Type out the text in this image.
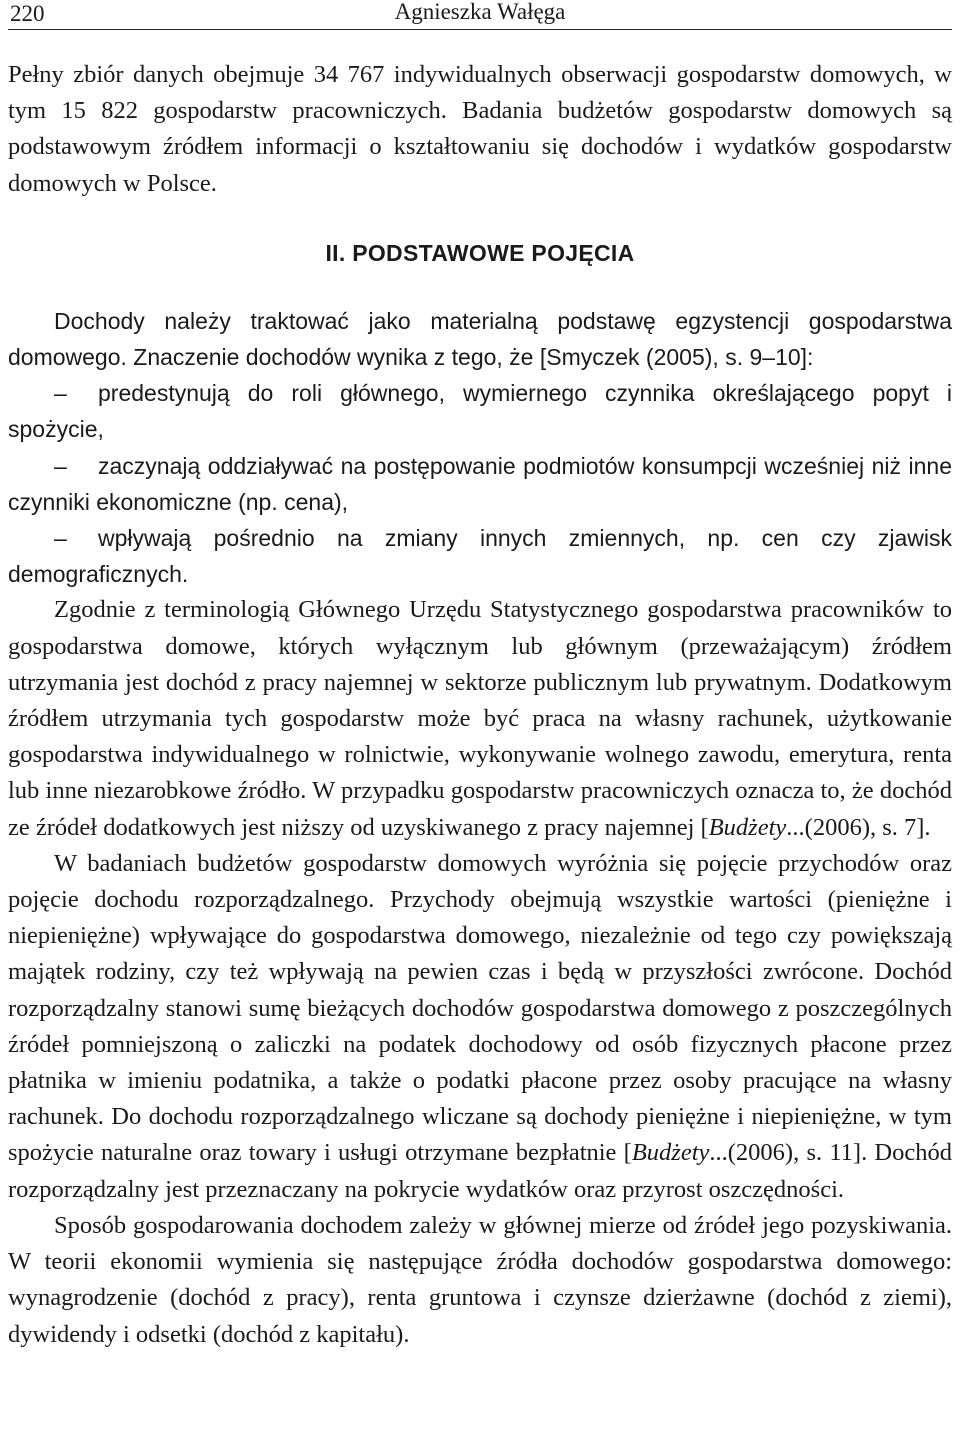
220	Agnieszka Wałęga

Pełny zbiór danych obejmuje 34 767 indywidualnych obserwacji gospodarstw domowych, w tym 15 822 gospodarstw pracowniczych. Badania budżetów gospodarstw domowych są podstawowym źródłem informacji o kształtowaniu się dochodów i wydatków gospodarstw domowych w Polsce.

II. PODSTAWOWE POJĘCIA

Dochody należy traktować jako materialną podstawę egzystencji gospodarstwa domowego. Znaczenie dochodów wynika z tego, że [Smyczek (2005), s. 9–10]:

– predestynują do roli głównego, wymiernego czynnika określającego popyt i spożycie,

– zaczynają oddziaływać na postępowanie podmiotów konsumpcji wcześniej niż inne czynniki ekonomiczne (np. cena),

– wpływają pośrednio na zmiany innych zmiennych, np. cen czy zjawisk demograficznych.

Zgodnie z terminologią Głównego Urzędu Statystycznego gospodarstwa pracowników to gospodarstwa domowe, których wyłącznym lub głównym (przeważającym) źródłem utrzymania jest dochód z pracy najemnej w sektorze publicznym lub prywatnym. Dodatkowym źródłem utrzymania tych gospodarstw może być praca na własny rachunek, użytkowanie gospodarstwa indywidualnego w rolnictwie, wykonywanie wolnego zawodu, emerytura, renta lub inne niezarobkowe źródło. W przypadku gospodarstw pracowniczych oznacza to, że dochód ze źródeł dodatkowych jest niższy od uzyskiwanego z pracy najemnej [Budżety...(2006), s. 7].

W badaniach budżetów gospodarstw domowych wyróżnia się pojęcie przychodów oraz pojęcie dochodu rozporządzalnego. Przychody obejmują wszystkie wartości (pieniężne i niepieniężne) wpływające do gospodarstwa domowego, niezależnie od tego czy powiększają majątek rodziny, czy też wpływają na pewien czas i będą w przyszłości zwrócone. Dochód rozporządzalny stanowi sumę bieżących dochodów gospodarstwa domowego z poszczególnych źródeł pomniejszoną o zaliczki na podatek dochodowy od osób fizycznych płacone przez płatnika w imieniu podatnika, a także o podatki płacone przez osoby pracujące na własny rachunek. Do dochodu rozporządzalnego wliczane są dochody pieniężne i niepieniężne, w tym spożycie naturalne oraz towary i usługi otrzymane bezpłatnie [Budżety...(2006), s. 11]. Dochód rozporządzalny jest przeznaczany na pokrycie wydatków oraz przyrost oszczędności.

Sposób gospodarowania dochodem zależy w głównej mierze od źródeł jego pozyskiwania. W teorii ekonomii wymienia się następujące źródła dochodów gospodarstwa domowego: wynagrodzenie (dochód z pracy), renta gruntowa i czynsze dzierżawne (dochód z ziemi), dywidendy i odsetki (dochód z kapitału).
